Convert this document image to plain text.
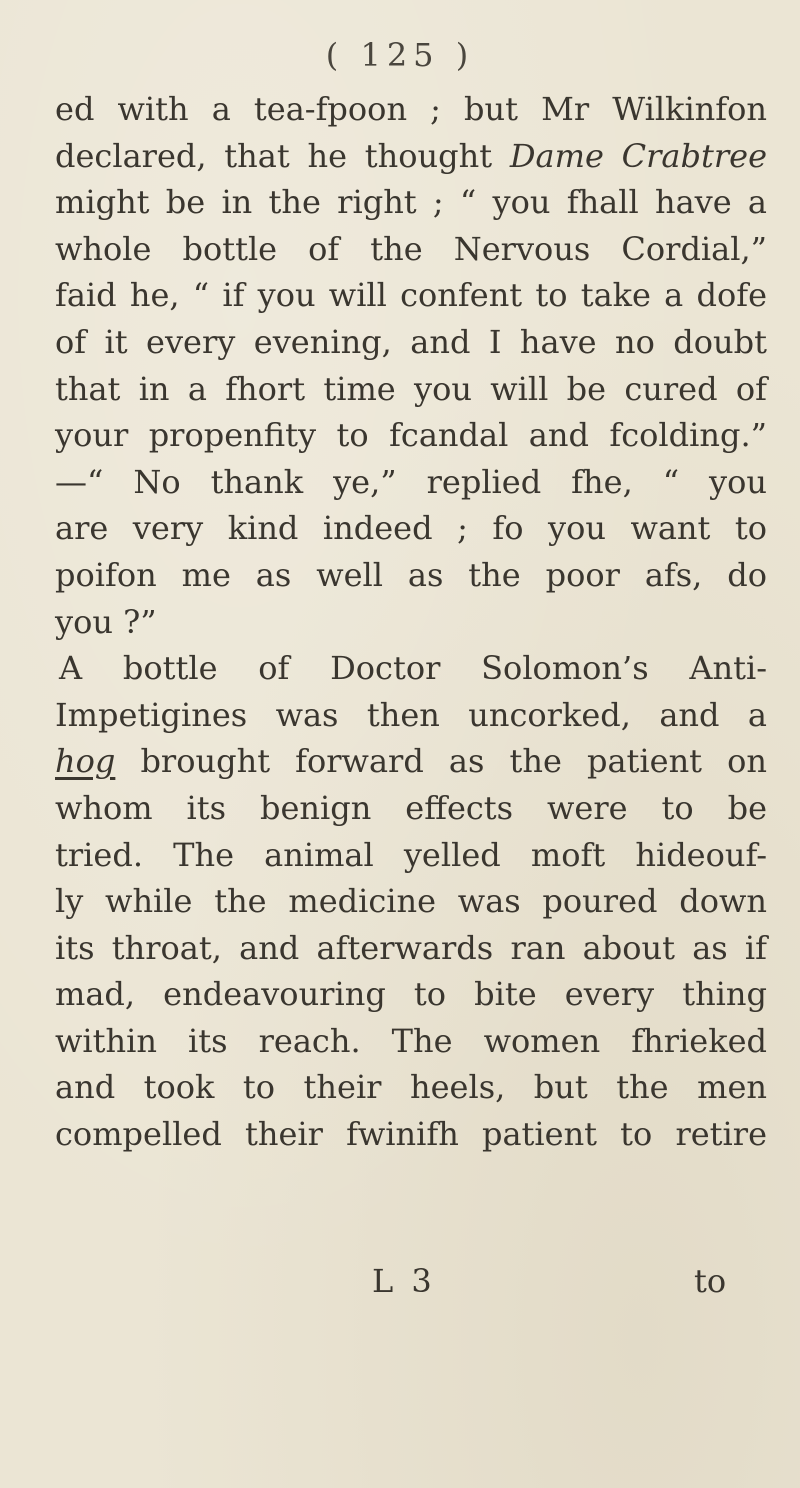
( 125 )
ed with a tea-fpoon ; but Mr Wilkinfon
declared, that he thought Dame Crabtree
might be in the right ; “ you fhall have a
whole bottle of the Nervous Cordial,”
faid he, “ if you will confent to take a dofe
of it every evening, and I have no doubt
that in a fhort time you will be cured of
your propenfity to fcandal and fcolding.”
—“ No thank ye,” replied fhe, “ you
are very kind indeed ; fo you want to
poifon me as well as the poor afs, do
you ?”
A bottle of Doctor Solomon’s Anti-
Impetigines was then uncorked, and a
hog brought forward as the patient on
whom its benign effects were to be
tried. The animal yelled moft hideouf-
ly while the medicine was poured down
its throat, and afterwards ran about as if
mad, endeavouring to bite every thing
within its reach. The women fhrieked
and took to their heels, but the men
compelled their fwinifh patient to retire
L 3	to
